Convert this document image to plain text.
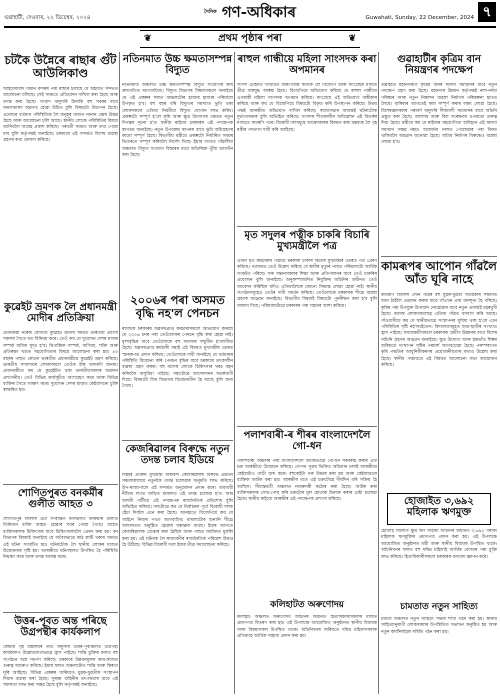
গুৱাহাটী, দেওবাৰ, ২২ ডিচেম্বৰ, ২০২৪
$^{দৈনিক}$ গণ-অধিকাৰ	Guwahati, Sunday, 22 December, 2024 ৭
❦	প্ৰথম পৃষ্ঠাৰ পৰা	❦
চটকৈ উন্নৈৰে ৰাছাৰ গুঁট আউলিকাণ্ড

আহমেদাবাদ বিমান বন্দৰৰ পৰা ৰাছাৰ চলিছে যে অহমতি সন্দৰ্ভত আলোচনা চলিছে। সেই সময়তে প্ৰতিবেদন দাখিল কৰা হৈছে আৰু তদন্ত কৰা হৈছে। সংবাদ অনুসৰি চিনাকি বহু খবৰৰ বাবে জনসাধাৰণ অৱগত হোৱা উচিত বুলি বিষয়টো উত্থাপন হৈছে। এনেদৰে বৰ্তমান পৰিস্থিতিক লৈ মানুহৰ মাজত নানান প্ৰশ্নৰ উদ্ভৱ হৈছে আৰু আলোচনা চলি আছে। স্থানীয় লোকে পৰিস্থিতিৰ বিষয়ে জানিবলৈ আগ্ৰহ প্ৰকাশ কৰিছে। পৰবৰ্তী সময়ত আৰু তথ্য পোৱা যাব বুলি কৰ্তৃপক্ষই জনাইছে। চৰকাৰে এই সন্দৰ্ভত বিশেষ ব্যৱস্থা গ্ৰহণৰ কথা ঘোষণা কৰিছে।

কুৱেইট ভ্ৰমণক লৈ প্ৰধানমন্ত্ৰী মোদীৰ প্ৰতিক্ৰিয়া

প্ৰধানমন্ত্ৰী নৰেন্দ্ৰ মোদীয়ে কুৱেইট ভ্ৰমণৰ সময়ত ভাৰতীয় প্ৰবাসী সকলৰ সৈতে মত বিনিময় কৰে। তেওঁ কয় যে দুয়োখন দেশৰ মাজৰ সম্পৰ্ক অধিক সুদৃঢ় হ'ব। দ্বিপাক্ষিক সম্পৰ্ক, বাণিজ্য, শক্তি আৰু প্ৰতিৰক্ষা খণ্ডত সহযোগিতাৰ বিষয়ে আলোচনা কৰা হয়। ৪৩ বছৰৰ পাছত কোনো ভাৰতীয় প্ৰধানমন্ত্ৰীয়ে কুৱেইট ভ্ৰমণ কৰিছে। ভাৰতীয় সম্প্ৰদায়ৰ লোকসকলে তেওঁক উষ্ম আদৰণি জনায়। প্ৰধানমন্ত্ৰীয়ে কয় যে কুৱেইটত থকা ভাৰতীয়সকলৰ অৱদান প্ৰশংসনীয়। তেওঁ বিভিন্ন কাৰ্যসূচীত অংশগ্ৰহণ কৰে আৰু বিভিন্ন ব্যক্তিৰ সৈতে সাক্ষাৎ কৰে। দুয়োখন দেশৰ মাজত কেইবাখনো চুক্তি স্বাক্ষৰিত হয়।

শোণিতপুৰত বনকৰ্মীৰ গুলীত আহত ৩

শোণিতপুৰ জিলাৰ এটা সংৰক্ষিত বনাঞ্চলত বনকৰ্মীৰ গুলীত তিনিজন ব্যক্তি আহত হোৱাৰ খবৰ পোৱা গৈছে। আহত ব্যক্তিসকলক চিকিৎসাৰ বাবে চিকিৎসালয়লৈ প্ৰেৰণ কৰা হয়। বন বিভাগৰ বিষয়াই জনাইছে যে অবৈধভাৱে কাঠ কাটি থকাৰ সময়ত এই ঘটনা সংঘটিত হয়। ঘটনাটোক লৈ স্থানীয় লোকৰ মাজত উত্তেজনাৰ সৃষ্টি হয়। আৰক্ষীয়ে ঘটনাস্থলত উপস্থিত হৈ পৰিস্থিতি নিয়ন্ত্ৰণ কৰে আৰু তদন্ত আৰম্ভ কৰে।

উত্তৰ-পূবত অন্ত পৰিছে উগ্ৰপন্থীৰ কাৰ্যকলাপ

কেন্দ্ৰীয় গৃহ মন্ত্ৰালয়ৰ তথ্য অনুসৰি উত্তৰ-পূবাঞ্চলত উগ্ৰপন্থী কাৰ্যকলাপ উল্লেখযোগ্যভাৱে হ্ৰাস পাইছে। শান্তি চুক্তিৰ ফলত বহু সংগঠনে অস্ত্ৰ সমৰ্পণ কৰিছে। চৰকাৰে উন্নয়নমূলক কাম-কাজত গুৰুত্ব আৰোপ কৰিছে। ইয়াৰ ফলত অঞ্চলটোত শান্তি আৰু স্থিৰতা ঘূৰি আহিছে। বিভিন্ন প্ৰকল্পৰ জৰিয়তে যুৱক-যুৱতীক সংস্থাপন দিয়াৰ ব্যৱস্থা কৰা হৈছে। সুৰক্ষা বাহিনীৰ তৎপৰতাৰ বাবে এই সফলতা লাভ কৰা সম্ভৱ হৈছে বুলি কৰ্তৃপক্ষই জনাইছে।

নতিনমাত উচ্চ ক্ষমতাসম্পন্ন বিদ্যুত

নতিনমাত অঞ্চলত উচ্চ ক্ষমতাসম্পন্ন বিদ্যুত সংযোগৰ কাম দ্ৰুতগতিত আগবাঢ়িছে। বিদ্যুত বিভাগৰ বিষয়াসকলে জনাইছে যে এই প্ৰকল্পৰ ফলত অঞ্চলটোৰ হাজাৰ হাজাৰ পৰিয়ালে উপকৃত হ'ব। বহু বছৰ ধৰি বিদ্যুতৰ সমস্যাত ভুগি থকা লোকসকলে এতিয়া নিয়মীয়া বিদ্যুত যোগান লাভ কৰিব। প্ৰকল্পটো সম্পূৰ্ণ হ'লে কৃষি আৰু ক্ষুদ্ৰ উদ্যোগৰ ক্ষেত্ৰত নতুন দিগন্তৰ সূচনা হ'ব। স্থানীয় ৰাইজে চৰকাৰৰ এই পদক্ষেপক স্বাগতম জনাইছে। নতুন উপকেন্দ্ৰ স্থাপনৰ বাবে ভূমি অধিগ্ৰহণৰ কামো সম্পূৰ্ণ হৈছে। বিভাগীয় মন্ত্ৰীয়ে প্ৰকল্পটো নিৰ্ধাৰিত সময়ৰ ভিতৰতে সম্পূৰ্ণ কৰিবলৈ নিৰ্দেশ দিছে। ইয়াৰ লগতে গাঁৱলীয়া অঞ্চলত বিদ্যুত সংযোগ বিস্তাৰৰ বাবে অতিৰিক্ত পুঁজি আবণ্টন কৰা হৈছে।

২০০৬ৰ পৰা অসমত বৃদ্ধি নহ'ল পেনচন

ৰাজ্যিক চৰকাৰৰ অৱসৰপ্ৰাপ্ত কৰ্মচাৰীসকলে অভিযোগ কৰিছে যে ২০০৬ চনৰ পৰা তেওঁলোকৰ পেনচন বৃদ্ধি কৰা হোৱা নাই। মূল্যবৃদ্ধিৰ বাবে তেওঁলোকে বহু সমস্যাৰ সন্মুখীন হ'বলগীয়া হৈছে। অৱসৰপ্ৰাপ্ত কৰ্মচাৰী সন্থাই এই বিষয়ত মুখ্যমন্ত্ৰীৰ ওচৰত স্মাৰকপত্ৰ প্ৰদান কৰিছে। তেওঁলোকে দাবী জনাইছে যে বৰ্তমানৰ পৰিস্থিতি বিবেচনা কৰি পেনচন বৃদ্ধিৰ বাবে চৰকাৰে তৎকালীন ব্যৱস্থা গ্ৰহণ কৰক। বহু বয়সস্থ লোকে চিকিৎসাৰ খৰচ বহন কৰিবলৈ অসুবিধা পাইছে। সন্থাটোৱে আন্দোলনৰ সতৰ্কবাণী দিছে। বিষয়টো বিত্ত বিভাগৰ বিবেচনাধীন হৈ আছে বুলি জনা গৈছে।

কেজৰিৱালৰ বিৰুদ্ধে নতুন তদন্ত চলাব ইডিয়ে

দিল্লীৰ প্ৰাক্তন মুখ্যমন্ত্ৰী অৰবিন্দ কেজৰিৱালৰ বিৰুদ্ধে প্ৰৱৰ্তন সঞ্চালকালয়ে নতুনকৈ তদন্ত চলোৱাৰ অনুমতি লাভ কৰিছে। উপ-ৰাজ্যপালে এই সন্দৰ্ভত অনুমোদন প্ৰদান কৰে। অবগারী নীতিৰ লগত জড়িত মামলাত এই তদন্ত চলোৱা হ'ব। আম আদমী পাৰ্টীয়ে এই পদক্ষেপক ৰাজনৈতিক প্ৰতিশোধ বুলি অভিহিত কৰিছে। দলটোৱে কয় যে নিৰ্বাচনৰ পূৰ্বে বিৰোধী দলক হেঁচা দিবলৈ এনে কৰা হৈছে। আনহাতে বিজেপিয়ে কয় যে আইনে নিজৰ পথত আগবাঢ়িব। মামলাটোৰ শুনানি শীঘ্ৰে আদালতত অনুষ্ঠিত হোৱাৰ সম্ভাৱনা আছে। ইয়াৰ আগতে কেজৰিৱালক গ্ৰেপ্তাৰ কৰা হৈছিল আৰু পাছত জামিনত মুকলি কৰা হয়। এই ঘটনাক লৈ ৰাজধানীৰ ৰাজনৈতিক পৰিৱেশ উত্তপ্ত হৈ উঠিছে। বিভিন্ন বিৰোধী দলে ইয়াৰ তীব্ৰ সমালোচনা কৰিছে।

ৰাহুল গান্ধীয়ে মহিলা সাংসদক কৰা অপমানৰ

সংসদ চৌহদত সংঘটিত ধাক্কা-ধাক্কি কাণ্ডক লৈ বিজেপি আৰু কংগ্ৰেছৰ মাজত তীব্ৰ বাকযুদ্ধ আৰম্ভ হৈছে। বিজেপিয়ে অভিযোগ কৰিছে যে ৰাহুল গান্ধীয়ে এগৰাকী মহিলা সাংসদক অপমান কৰিছে। কংগ্ৰেছে এই অভিযোগ অস্বীকাৰ কৰিছে আৰু কয় যে বিজেপিয়ে বিষয়টো বিকৃত কৰি উপস্থাপন কৰিছে। উভয় পক্ষই আৰক্ষীত অভিযোগ দাখিল কৰিছে। ৰাজ্যসভাৰ অধ্যক্ষই ঘটনাটোক দুৰ্ভাগ্যজনক বুলি অভিহিত কৰিছে। সংসদৰ শীতকালীন অধিৱেশন এই বিতৰ্কৰ মাজতে সামৰণি পৰে। বিৰোধী দলসমূহে আম্বেদকাৰৰ বিষয়ত কৰা মন্তব্যক লৈ গৃহ মন্ত্ৰীৰ পদত্যাগ দাবী কৰি আহিছে।

মৃত সদুলৰ পত্নীক চাকৰি বিচাৰি মুখ্যমন্ত্ৰীলৈ পত্ৰ

এজন মৃত কৰ্মচাৰীৰ পত্নীয়ে চৰকাৰী চাকৰি বিচাৰি মুখ্যমন্ত্ৰীৰ ওচৰত পত্ৰ প্ৰেৰণ কৰিছে। পত্ৰখনত তেওঁ উল্লেখ কৰিছে যে স্বামীৰ মৃত্যুৰ পাছত পৰিয়ালটো আৰ্থিক সংকটত পৰিছে। সৰু সন্তানসকলৰ শিক্ষা আৰু প্ৰতিপালনৰ বাবে তেওঁ চাকৰিৰ প্ৰয়োজন বুলি জনাইছে। অনুকম্পাজনিত নিযুক্তিৰ আঁচনিৰ অধীনত তেওঁ আবেদন কৰিছিল যদিও এতিয়ালৈকে কোনো সিদ্ধান্ত লোৱা হোৱা নাই। স্থানীয় সংগঠনসমূহেও তেওঁৰ দাবী সমৰ্থন কৰিছে। তেওঁলোকে চৰকাৰক শীঘ্ৰে ব্যৱস্থা গ্ৰহণৰ আহ্বান জনাইছে। বিভাগীয় বিষয়াই বিষয়টো পুনৰীক্ষণ কৰা হ'ব বুলি আশ্বাস দিছে। পৰিয়ালটোৱে চৰকাৰৰ পৰা সহায়ৰ আশা কৰিছে।

পলাশবাৰী-ৰ শীৰৰ বাংলাদেশলৈ গো-ধন

পলাশবাৰী অঞ্চলৰ পৰা বাংলাদেশলৈ অবৈধভাৱে গো-ধন সৰবৰাহ কৰাৰ এটা চক্ৰ আৰক্ষীয়ে উন্মোচন কৰিছে। গোপন সূত্ৰৰ ভিত্তিত অভিযান চলাই আৰক্ষীয়ে কেইবাটাও গাড়ী জব্দ কৰে। বহুকেইটা গৰু উদ্ধাৰ কৰা হয় আৰু কেইবাজনো ব্যক্তিক আটক কৰা হয়। আৰক্ষীৰ মতে এই চক্ৰটোৱে দীৰ্ঘদিন ধৰি সক্ৰিয় হৈ আছিল। সীমান্তবৰ্তী অঞ্চলত নজৰদাৰী কঠোৰ কৰা হৈছে। আটক কৰা ব্যক্তিসকলক সোধ-পোছ কৰি চক্ৰটোৰ মূল হোতাক চিনাক্ত কৰাৰ চেষ্টা চলোৱা হৈছে। স্থানীয় ৰাইজে আৰক্ষীৰ এই পদক্ষেপক প্ৰশংসা কৰিছে।

কলিহাটত অৰুণোদয়

কলিহাট অঞ্চলত অৰুণোদয় আঁচনিৰ অধীনত হিতাধিকাৰীসকলৰ মাজত প্ৰমাণপত্ৰ বিতৰণ কৰা হয়। এই উপলক্ষে আয়োজিত অনুষ্ঠানত স্থানীয় বিধায়ক আৰু বিষয়াসকল উপস্থিত থাকে। আঁচনিখনৰ জৰিয়তে দৰিদ্ৰ মহিলাসকলক প্ৰতিমাহে আৰ্থিক সাহায্য প্ৰদান কৰা হয়।

গুৱাহাটীৰ কৃত্ৰিম বান নিয়ন্ত্ৰণৰ পদক্ষেপ

গুৱাহাটী মহানগৰীত কৃত্ৰিম বানৰ সমস্যা সমাধানৰ বাবে নতুন পদক্ষেপ গ্ৰহণ কৰা হৈছে। মহানগৰ উন্নয়ন কৰ্তৃপক্ষই নলা-নৰ্দমা পৰিষ্কাৰ আৰু নতুন নিষ্কাশন ব্যৱস্থা নিৰ্মাণৰ পৰিকল্পনা হাতত লৈছে। বাৰিষাৰ আগতেই কাম সম্পূৰ্ণ কৰাৰ লক্ষ্য লোৱা হৈছে। বিশেষজ্ঞসকলৰ পৰামৰ্শ অনুসৰি দীৰ্ঘম্যাদী সমাধানৰ বাবে আঁচনি প্ৰস্তুত কৰা হৈছে। জলাশয় আৰু বিল সংৰক্ষণৰ ওপৰতো গুৰুত্ব দিয়া হৈছে। মন্ত্ৰীয়ে কয় যে ৰাইজৰ সহযোগিতা অবিহনে এই সমস্যা সমাধান সম্ভৱ নহয়। আবৰ্জনা নলাত পেলোৱাৰ পৰা বিৰত থাকিবলৈ আহ্বান জনোৱা হৈছে। অবৈধ নিৰ্মাণৰ বিৰুদ্ধেও ব্যৱস্থা লোৱা হ'ব।

কামৰূপৰ আপোন গাঁৱলৈ আঁত ঘূৰি নাহে

কামৰূপ জিলাৰ এখন গাঁৱৰ বহু যুৱক-যুৱতী জীৱিকাৰ সন্ধানত আন ঠাইলৈ প্ৰব্ৰজন কৰাৰ বাবে গাঁওখন প্ৰায় জনশূন্য হৈ পৰিছে। কৃষিৰ পৰা উপযুক্ত উপাৰ্জন নোহোৱাৰ বাবে নতুন প্ৰজন্মই চহৰমুখী হৈছে। বয়সস্থ লোকসকলেহে এতিয়া গাঁৱত বসবাস কৰি আছে। গাঁওবাসীয়ে কয় যে স্থানীয়ভাৱে সংস্থাপনৰ সুবিধা থকা হ'লে এনে পৰিস্থিতিৰ সৃষ্টি নহ'লহেঁতেন। বিদ্যালয়সমূহত ছাত্ৰ-ছাত্ৰীৰ সংখ্যাও হ্ৰাস পাইছে। সমাজকৰ্মীসকলে চৰকাৰক গ্ৰামীণ উন্নয়নৰ বাবে বিশেষ আঁচনি গ্ৰহণৰ আহ্বান জনাইছে। ক্ষুদ্ৰ উদ্যোগ আৰু হস্ততাঁত শিল্পৰ জৰিয়তে সংস্থাপন সৃষ্টিৰ পৰামৰ্শ আগবঢ়োৱা হৈছে। পৰম্পৰাগত কৃষি পদ্ধতিৰ আধুনিকীকৰণৰ প্ৰয়োজনীয়তাৰ কথাও উল্লেখ কৰা হৈছে। স্থানীয় পঞ্চায়তে এই বিষয়ত আলোচনা সভা আয়োজন কৰিছে।

হোজাইত ৩,৬৯২ মহিলাক ঋণমুক্ত

হোজাই জিলাত ক্ষুদ্ৰ ঋণ সাহায্য আঁচনিৰ অধীনত ৩,৬৯২ গৰাকী মহিলাক ঋণমুক্তিৰ প্ৰমাণপত্ৰ প্ৰদান কৰা হয়। এই উপলক্ষে আয়োজিত অনুষ্ঠানত মন্ত্ৰী আৰু স্থানীয় বিধায়ক উপস্থিত থাকে। আঁচনিখনৰ ফলত বহু দৰিদ্ৰ মহিলাই আৰ্থিক বোজাৰ পৰা মুক্তি লাভ কৰিছে। হিতাধিকাৰীসকলে চৰকাৰক ধন্যবাদ জ্ঞাপন কৰে।

চামতাত নতুন সাহিত্য

চামতা অঞ্চলত নতুন সাহিত্য সভাৰ শাখা গঠন কৰা হয়। স্থানীয় সাহিত্যানুৰাগী লোকসকলৰ উপস্থিতিত সভাখন অনুষ্ঠিত হয় আৰু নতুন কাৰ্যনিৰ্বাহক সমিতি গঠন কৰা হয়।
